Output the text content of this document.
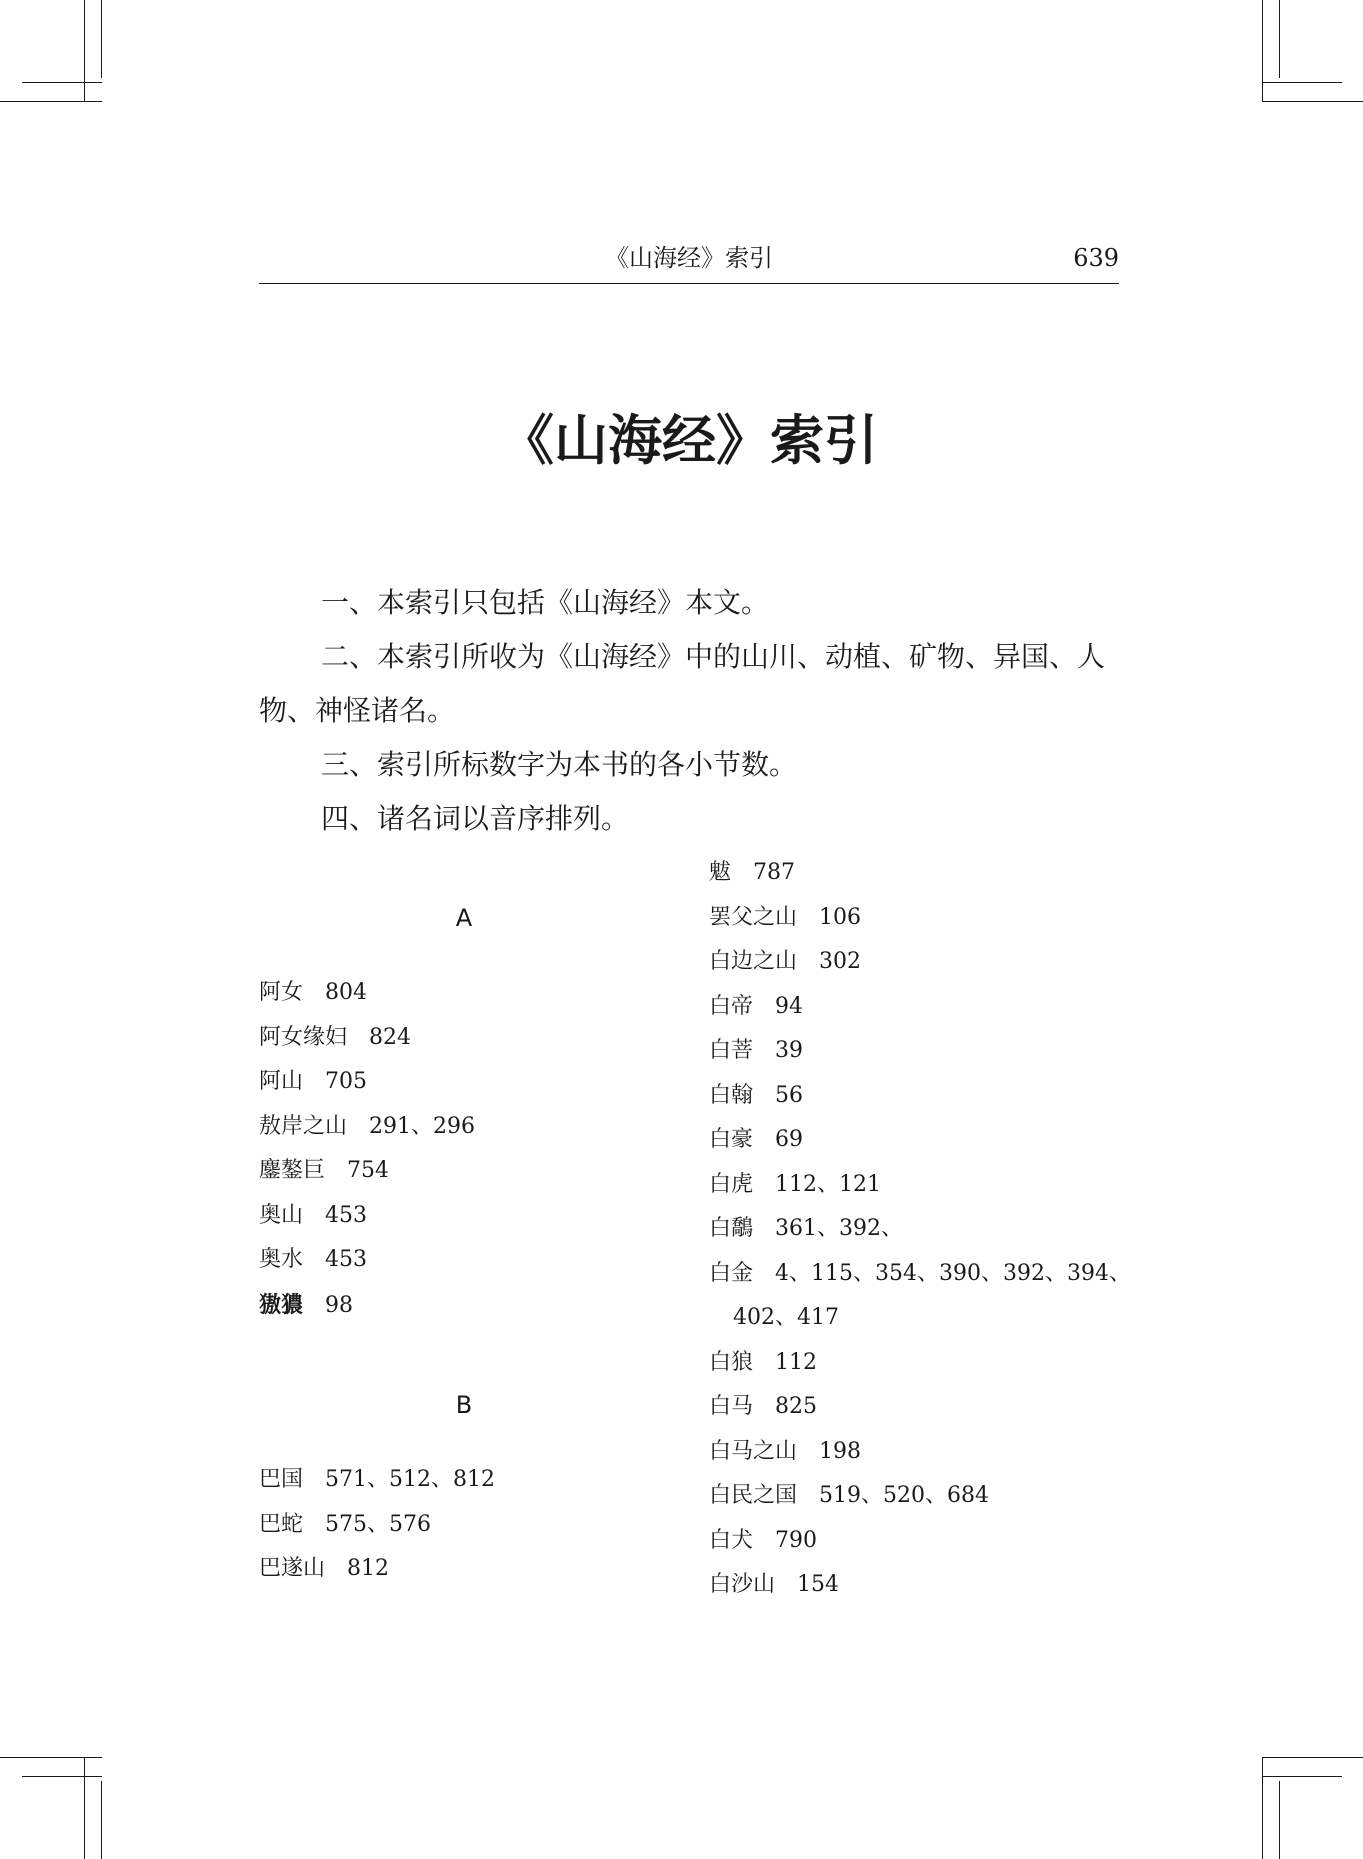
《山海经》索引	639
《山海经》索引

一、本索引只包括《山海经》本文。

二、本索引所收为《山海经》中的山川、动植、矿物、异国、人物、神怪诸名。

三、索引所标数字为本书的各小节数。

四、诸名词以音序排列。

A
阿女 804
阿女缘妇 824
阿山 705
敖岸之山 291、296
鏖鏊巨 754
奥山 453
奥水 453
獓㺜 98
B
巴国 571、512、812
巴蛇 575、576
巴遂山 812
魃 787
罢父之山 106
白边之山 302
白帝 94
白菩 39
白翰 56
白豪 69
白虎 112、121
白鷮 361、392、
白金 4、115、354、390、392、394、
402、417
白狼 112
白马 825
白马之山 198
白民之国 519、520、684
白犬 790
白沙山 154
